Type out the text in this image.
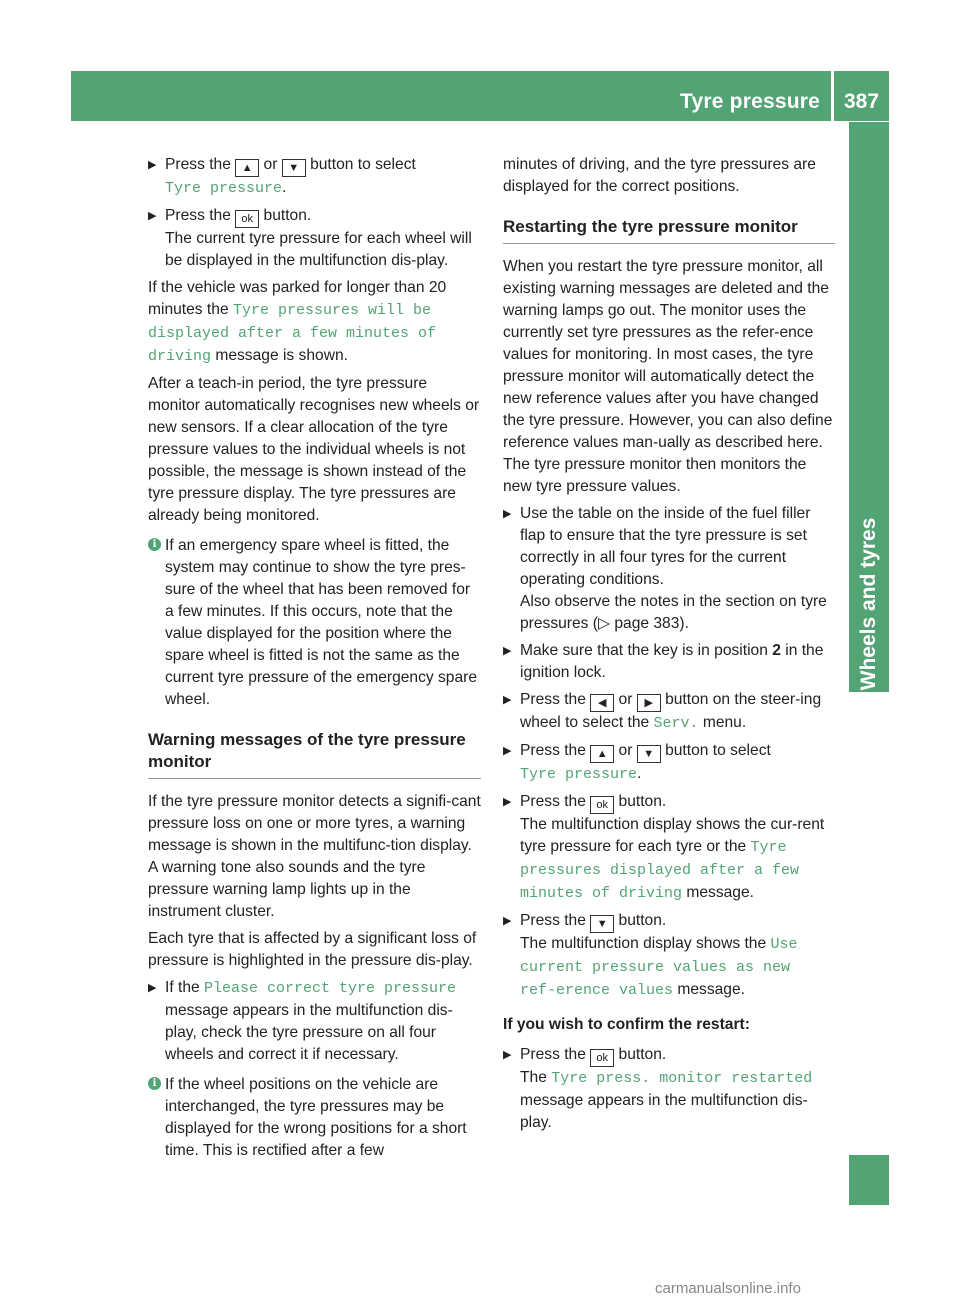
Tyre pressure	387
Wheels and tyres
▶ Press the ▲ or ▼ button to select
Tyre pressure.
▶ Press the ok button.
The current tyre pressure for each wheel will be displayed in the multifunction dis-play.

If the vehicle was parked for longer than 20 minutes the Tyre pressures will be displayed after a few minutes of driving message is shown.

After a teach-in period, the tyre pressure monitor automatically recognises new wheels or new sensors. If a clear allocation of the tyre pressure values to the individual wheels is not possible, the message is shown instead of the tyre pressure display. The tyre pressures are already being monitored.

i If an emergency spare wheel is fitted, the system may continue to show the tyre pres-sure of the wheel that has been removed for a few minutes. If this occurs, note that the value displayed for the position where the spare wheel is fitted is not the same as the current tyre pressure of the emergency spare wheel.
Warning messages of the tyre pressure monitor

If the tyre pressure monitor detects a signifi-cant pressure loss on one or more tyres, a warning message is shown in the multifunc-tion display. A warning tone also sounds and the tyre pressure warning lamp lights up in the instrument cluster.

Each tyre that is affected by a significant loss of pressure is highlighted in the pressure dis-play.

▶ If the Please correct tyre pressure message appears in the multifunction dis-play, check the tyre pressure on all four wheels and correct it if necessary.
i If the wheel positions on the vehicle are interchanged, the tyre pressures may be displayed for the wrong positions for a short time. This is rectified after a few

minutes of driving, and the tyre pressures are displayed for the correct positions.

Restarting the tyre pressure monitor

When you restart the tyre pressure monitor, all existing warning messages are deleted and the warning lamps go out. The monitor uses the currently set tyre pressures as the refer-ence values for monitoring. In most cases, the tyre pressure monitor will automatically detect the new reference values after you have changed the tyre pressure. However, you can also define reference values man-ually as described here. The tyre pressure monitor then monitors the new tyre pressure values.

▶ Use the table on the inside of the fuel filler flap to ensure that the tyre pressure is set correctly in all four tyres for the current operating conditions.
Also observe the notes in the section on tyre pressures (▷ page 383).
▶ Make sure that the key is in position 2 in the ignition lock.
▶ Press the ◀ or ▶ button on the steer-ing wheel to select the Serv. menu.
▶ Press the ▲ or ▼ button to select
Tyre pressure.
▶ Press the ok button.
The multifunction display shows the cur-rent tyre pressure for each tyre or the Tyre pressures displayed after a few minutes of driving message.
▶ Press the ▼ button.
The multifunction display shows the Use current pressure values as new ref-erence values message.
If you wish to confirm the restart:
▶ Press the ok button.
The Tyre press. monitor restarted message appears in the multifunction dis-play.
carmanualsonline.info
